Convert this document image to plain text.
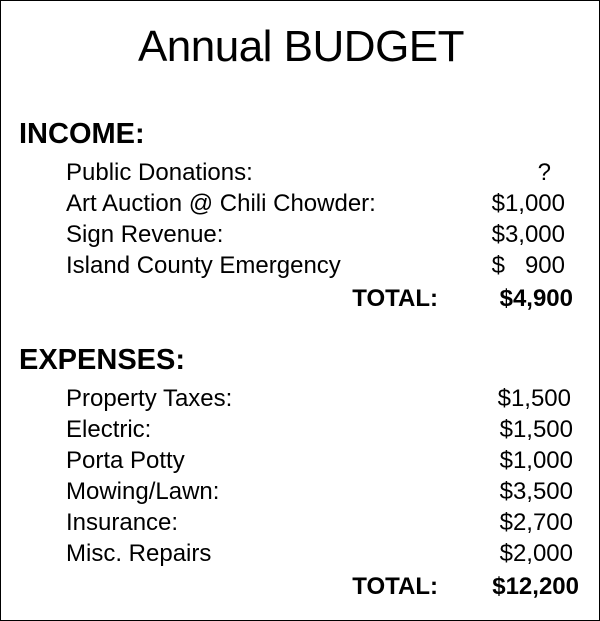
Annual BUDGET
INCOME:
Public Donations:	?
Art Auction @ Chili Chowder:	$1,000
Sign Revenue:	$3,000
Island County Emergency	$   900
TOTAL:	$4,900
EXPENSES:
Property Taxes:	$1,500
Electric:	$1,500
Porta Potty	$1,000
Mowing/Lawn:	$3,500
Insurance:	$2,700
Misc. Repairs	$2,000
TOTAL: $12,200
